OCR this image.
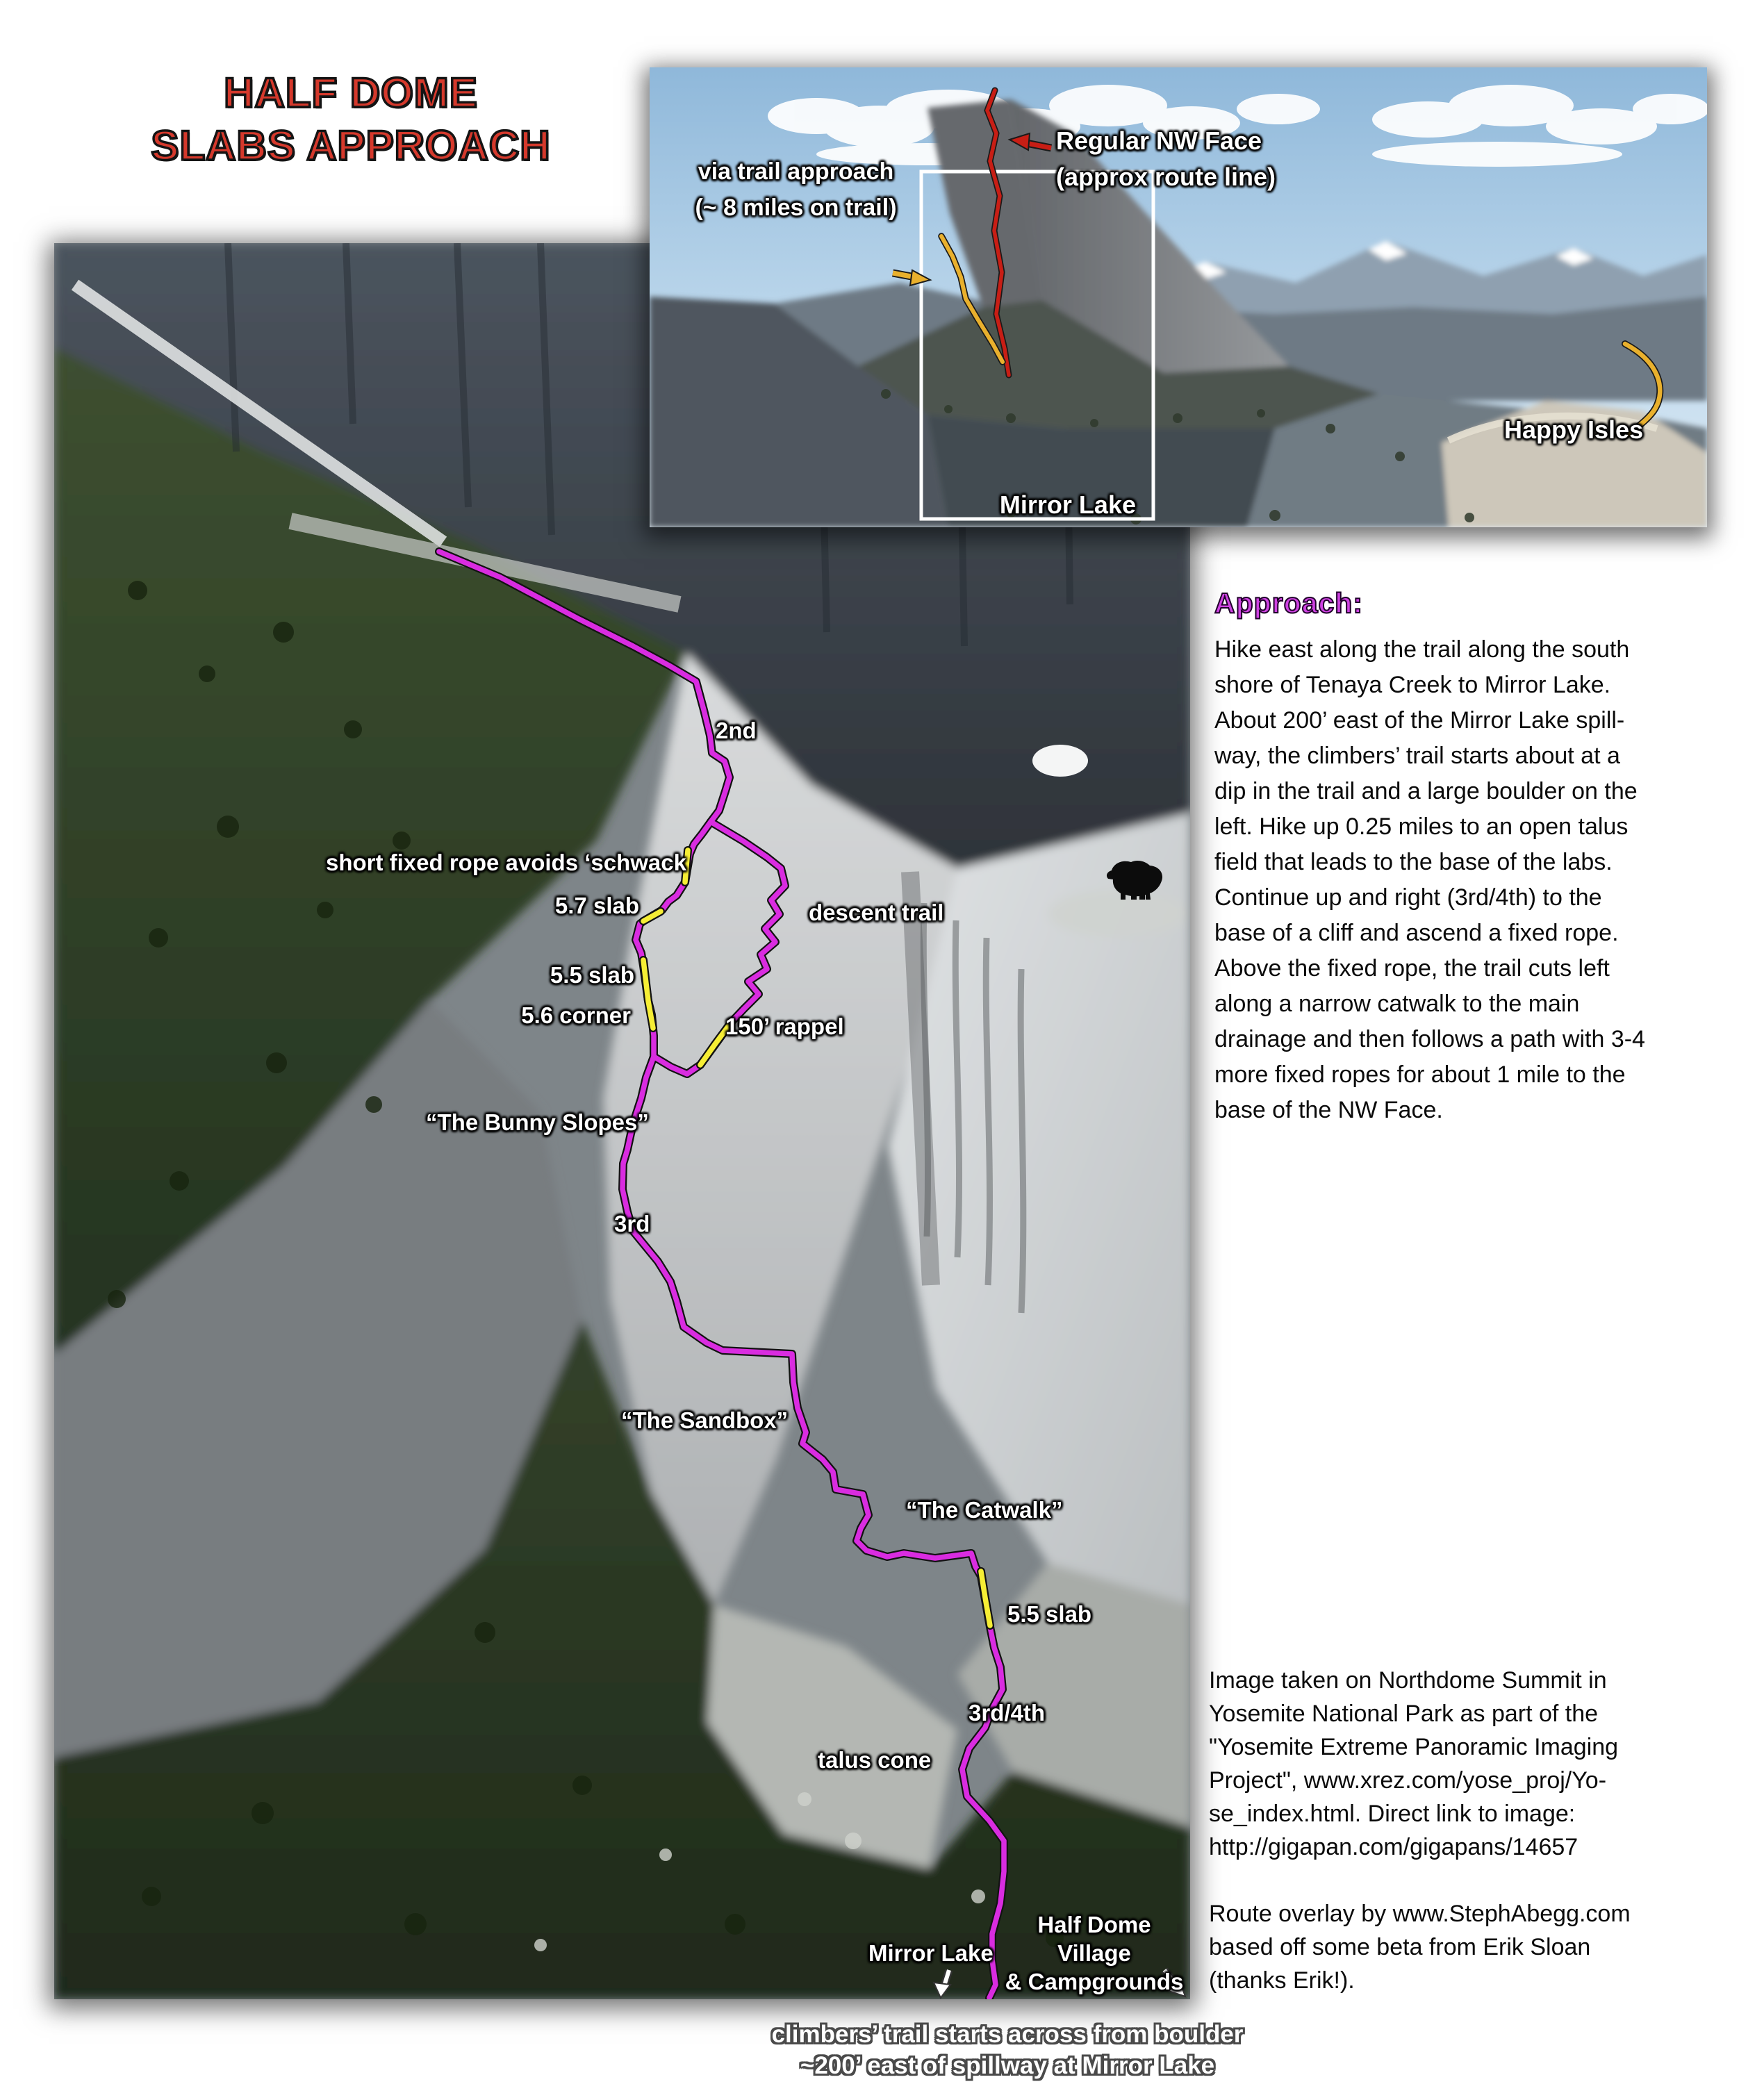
HALF DOME
SLABS APPROACH
2nd
short fixed rope avoids ‘schwack
5.7 slab	descent trail
5.5 slab
5.6 corner	150’ rappel
“The Bunny Slopes”
3rd
“The Sandbox”
“The Catwalk”
5.5 slab
3rd/4th
talus cone
Mirror Lake
Half Dome Village
& Campgrounds
Regular NW Face
(approx route line)
via trail approach
(~ 8 miles on trail)
Happy Isles
Mirror Lake
Approach:
Hike east along the trail along the south
shore of Tenaya Creek to Mirror Lake.
About 200’ east of the Mirror Lake spill-
way, the climbers’ trail starts about at a
dip in the trail and a large boulder on the
left. Hike up 0.25 miles to an open talus
field that leads to the base of the labs.
Continue up and right (3rd/4th) to the
base of a cliff and ascend a fixed rope.
Above the fixed rope, the trail cuts left
along a narrow catwalk to the main
drainage and then follows a path with 3-4
more fixed ropes for about 1 mile to the
base of the NW Face.
Image taken on Northdome Summit in
Yosemite National Park as part of the
"Yosemite Extreme Panoramic Imaging
Project", www.xrez.com/yose_proj/Yo-
se_index.html. Direct link to image:
http://gigapan.com/gigapans/14657
Route overlay by www.StephAbegg.com
based off some beta from Erik Sloan
(thanks Erik!).
climbers’ trail starts across from boulder
~200’ east of spillway at Mirror Lake
